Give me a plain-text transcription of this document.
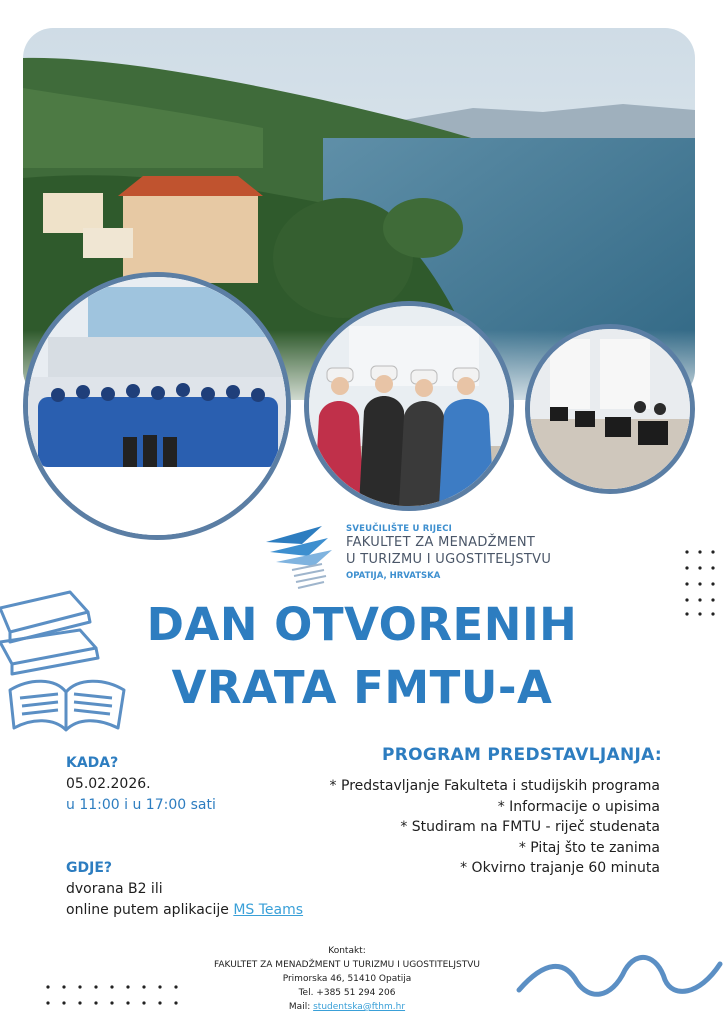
SVEUČILIŠTE U RIJECI
FAKULTET ZA MENADŽMENT
U TURIZMU I UGOSTITELJSTVU
OPATIJA, HRVATSKA
DAN OTVORENIH
VRATA FMTU-A
KADA?
05.02.2026.
u 11:00 i u 17:00 sati
GDJE?
dvorana B2 ili
online putem aplikacije MS Teams
PROGRAM PREDSTAVLJANJA:
* Predstavljanje Fakulteta i studijskih programa
* Informacije o upisima
* Studiram na FMTU - riječ studenata
* Pitaj što te zanima
* Okvirno trajanje 60 minuta
Kontakt:
FAKULTET ZA MENADŽMENT U TURIZMU I UGOSTITELJSTVU
Primorska 46, 51410 Opatija
Tel. +385 51 294 206
Mail: studentska@fthm.hr
